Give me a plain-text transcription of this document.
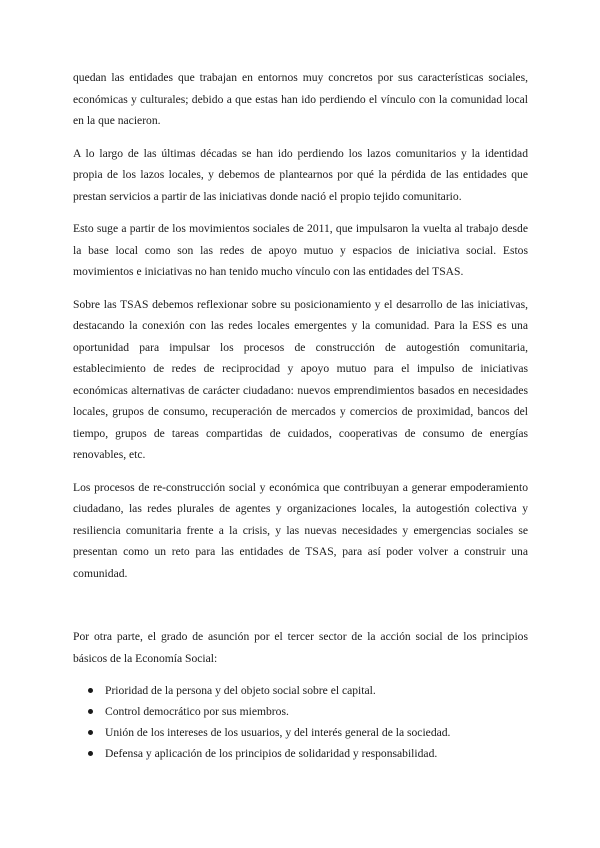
quedan las entidades que trabajan en entornos muy concretos por sus características sociales, económicas y culturales; debido a que estas han ido perdiendo el vínculo con la comunidad local en la que nacieron.

A lo largo de las últimas décadas se han ido perdiendo los lazos comunitarios y la identidad propia de los lazos locales, y debemos de plantearnos por qué la pérdida de las entidades que prestan servicios a partir de las iniciativas donde nació el propio tejido comunitario.

Esto suge a partir de los movimientos sociales de 2011, que impulsaron la vuelta al trabajo desde la base local como son las redes de apoyo mutuo y espacios de iniciativa social. Estos movimientos e iniciativas no han tenido mucho vínculo con las entidades del TSAS.

Sobre las TSAS debemos reflexionar sobre su posicionamiento y el desarrollo de las iniciativas, destacando la conexión con las redes locales emergentes y la comunidad. Para la ESS es una oportunidad para impulsar los procesos de construcción de autogestión comunitaria, establecimiento de redes de reciprocidad y apoyo mutuo para el impulso de iniciativas económicas alternativas de carácter ciudadano: nuevos emprendimientos basados en necesidades locales, grupos de consumo, recuperación de mercados y comercios de proximidad, bancos del tiempo, grupos de tareas compartidas de cuidados, cooperativas de consumo de energías renovables, etc.

Los procesos de re-construcción social y económica que contribuyan a generar empoderamiento ciudadano, las redes plurales de agentes y organizaciones locales, la autogestión colectiva y resiliencia comunitaria frente a la crisis, y las nuevas necesidades y emergencias sociales se presentan como un reto para las entidades de TSAS, para así poder volver a construir una comunidad.

Por otra parte, el grado de asunción por el tercer sector de la acción social de los principios básicos de la Economía Social:

Prioridad de la persona y del objeto social sobre el capital.
Control democrático por sus miembros.
Unión de los intereses de los usuarios, y del interés general de la sociedad.
Defensa y aplicación de los principios de solidaridad y responsabilidad.
